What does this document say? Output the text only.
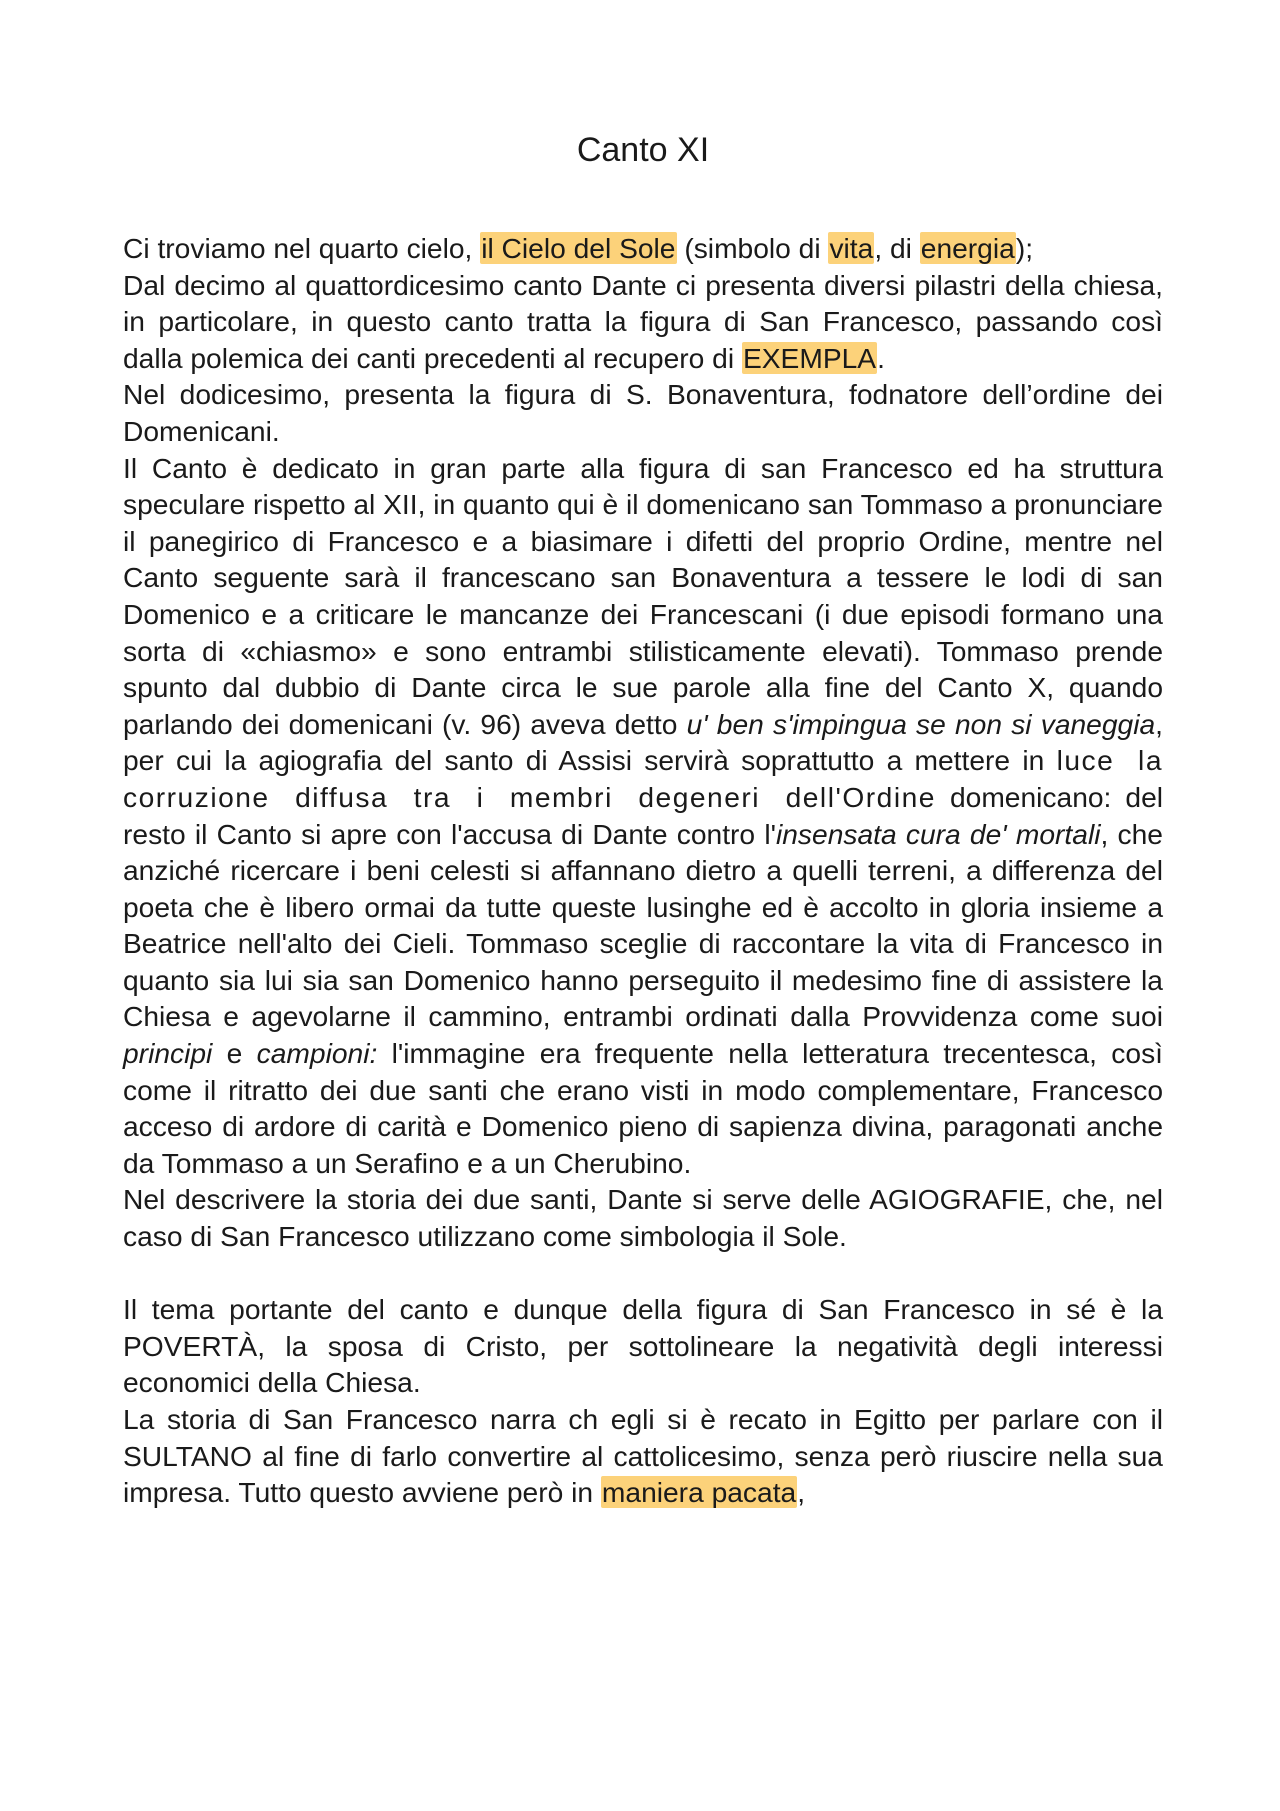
Canto XI

Ci troviamo nel quarto cielo, il Cielo del Sole (simbolo di vita, di energia);

Dal decimo al quattordicesimo canto Dante ci presenta diversi pilastri della chiesa, in particolare, in questo canto tratta la figura di San Francesco, passando così dalla polemica dei canti precedenti al recupero di EXEMPLA.

Nel dodicesimo, presenta la figura di S. Bonaventura, fodnatore dell’ordine dei Domenicani.

Il Canto è dedicato in gran parte alla figura di san Francesco ed ha struttura speculare rispetto al XII, in quanto qui è il domenicano san Tommaso a pronunciare il panegirico di Francesco e a biasimare i difetti del proprio Ordine, mentre nel Canto seguente sarà il francescano san Bonaventura a tessere le lodi di san Domenico e a criticare le mancanze dei Francescani (i due episodi formano una sorta di «chiasmo» e sono entrambi stilisticamente elevati). Tommaso prende spunto dal dubbio di Dante circa le sue parole alla fine del Canto X, quando parlando dei domenicani (v. 96) aveva detto u' ben s'impingua se non si vaneggia, per cui la agiografia del santo di Assisi servirà soprattutto a mettere in luce la corruzione diffusa tra i membri degeneri dell'Ordine domenicano: del resto il Canto si apre con l'accusa di Dante contro l'insensata cura de' mortali, che anziché ricercare i beni celesti si affannano dietro a quelli terreni, a differenza del poeta che è libero ormai da tutte queste lusinghe ed è accolto in gloria insieme a Beatrice nell'alto dei Cieli. Tommaso sceglie di raccontare la vita di Francesco in quanto sia lui sia san Domenico hanno perseguito il medesimo fine di assistere la Chiesa e agevolarne il cammino, entrambi ordinati dalla Provvidenza come suoi principi e campioni: l'immagine era frequente nella letteratura trecentesca, così come il ritratto dei due santi che erano visti in modo complementare, Francesco acceso di ardore di carità e Domenico pieno di sapienza divina, paragonati anche da Tommaso a un Serafino e a un Cherubino.

Nel descrivere la storia dei due santi, Dante si serve delle AGIOGRAFIE, che, nel caso di San Francesco utilizzano come simbologia il Sole.

Il tema portante del canto e dunque della figura di San Francesco in sé è la POVERTÀ, la sposa di Cristo, per sottolineare la negatività degli interessi economici della Chiesa.

La storia di San Francesco narra ch egli si è recato in Egitto per parlare con il SULTANO al fine di farlo convertire al cattolicesimo, senza però riuscire nella sua impresa. Tutto questo avviene però in maniera pacata,
